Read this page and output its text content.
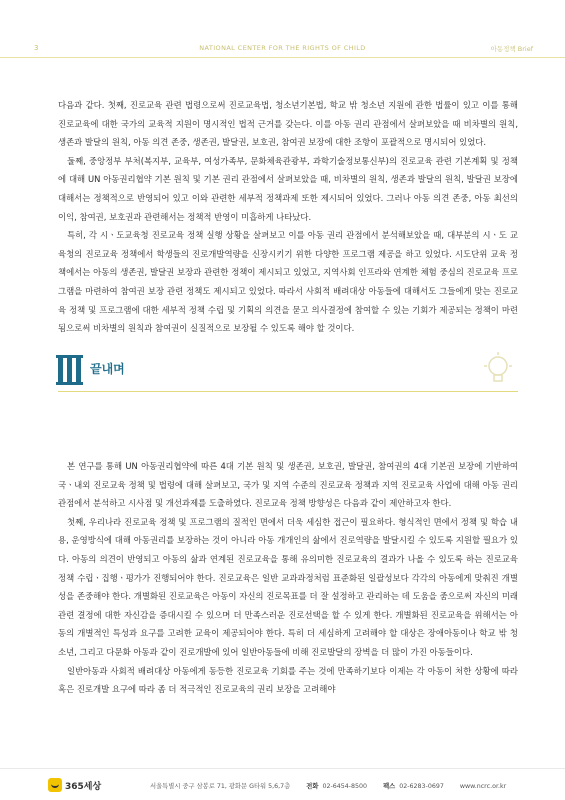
3	NATIONAL CENTER FOR THE RIGHTS OF CHILD	아동정책 Brief

다음과 같다. 첫째, 진로교육 관련 법령으로써 진로교육법, 청소년기본법, 학교 밖 청소년 지원에 관한 법률이 있고 이를 통해 진로교육에 대한 국가의 교육적 지원이 명시적인 법적 근거를 갖는다. 이를 아동 권리 관점에서 살펴보았을 때 비차별의 원칙, 생존과 발달의 원칙, 아동 의견 존중, 생존권, 발달권, 보호권, 참여권 보장에 대한 조항이 포괄적으로 명시되어 있었다.

둘째, 중앙정부 부처(복지부, 교육부, 여성가족부, 문화체육관광부, 과학기술정보통신부)의 진로교육 관련 기본계획 및 정책에 대해 UN 아동권리협약 기본 원칙 및 기본 권리 관점에서 살펴보았을 때, 비차별의 원칙, 생존과 발달의 원칙, 발달권 보장에 대해서는 정책적으로 반영되어 있고 이와 관련한 세부적 정책과제 또한 제시되어 있었다. 그러나 아동 의견 존중, 아동 최선의 이익, 참여권, 보호권과 관련해서는 정책적 반영이 미흡하게 나타났다.

특히, 각 시ㆍ도교육청 진로교육 정책 실행 상황을 살펴보고 이를 아동 권리 관점에서 분석해보았을 때, 대부분의 시ㆍ도 교육청의 진로교육 정책에서 학생들의 진로개발역량을 신장시키기 위한 다양한 프로그램 제공을 하고 있었다. 시도단위 교육 정책에서는 아동의 생존권, 발달권 보장과 관련한 정책이 제시되고 있었고, 지역사회 인프라와 연계한 체험 중심의 진로교육 프로그램을 마련하여 참여권 보장 관련 정책도 제시되고 있었다. 따라서 사회적 배려대상 아동들에 대해서도 그들에게 맞는 진로교육 정책 및 프로그램에 대한 세부적 정책 수립 및 기획의 의견을 묻고 의사결정에 참여할 수 있는 기회가 제공되는 정책이 마련됨으로써 비차별의 원칙과 참여권이 실질적으로 보장될 수 있도록 해야 할 것이다.

끝내며

본 연구를 통해 UN 아동권리협약에 따른 4대 기본 원칙 및 생존권, 보호권, 발달권, 참여권의 4대 기본권 보장에 기반하여 국ㆍ내외 진로교육 정책 및 법령에 대해 살펴보고, 국가 및 지역 수준의 진로교육 정책과 지역 진로교육 사업에 대해 아동 권리 관점에서 분석하고 시사점 및 개선과제를 도출하였다. 진로교육 정책 방향성은 다음과 같이 제안하고자 한다.

첫째, 우리나라 진로교육 정책 및 프로그램의 질적인 면에서 더욱 세심한 접근이 필요하다. 형식적인 면에서 정책 및 학습 내용, 운영방식에 대해 아동권리를 보장하는 것이 아니라 아동 개개인의 삶에서 진로역량을 발달시킬 수 있도록 지원할 필요가 있다. 아동의 의견이 반영되고 아동의 삶과 연계된 진로교육을 통해 유의미한 진로교육의 결과가 나올 수 있도록 하는 진로교육 정책 수립ㆍ집행ㆍ평가가 진행되어야 한다. 진로교육은 일반 교과과정처럼 표준화된 일괄성보다 각각의 아동에게 맞춰진 개별성을 존중해야 한다. 개별화된 진로교육은 아동이 자신의 진로목표를 더 잘 설정하고 관리하는 데 도움을 줌으로써 자신의 미래 관련 결정에 대한 자신감을 증대시킬 수 있으며 더 만족스러운 진로선택을 할 수 있게 한다. 개별화된 진로교육을 위해서는 아동의 개별적인 특성과 요구를 고려한 교육이 제공되어야 한다. 특히 더 세심하게 고려해야 할 대상은 장애아동이나 학교 밖 청소년, 그리고 다문화 아동과 같이 진로개발에 있어 일반아동들에 비해 진로발달의 장벽을 더 많이 가진 아동들이다.

일반아동과 사회적 배려대상 아동에게 동등한 진로교육 기회를 주는 것에 만족하기보다 이제는 각 아동이 처한 상황에 따라 혹은 진로개발 요구에 따라 좀 더 적극적인 진로교육의 권리 보장을 고려해야

365세상	서울특별시 중구 삼봉로 71, 광화문 G타워 5,6,7층	전화 02-6454-8500	팩스 02-6283-0697	www.ncrc.or.kr
